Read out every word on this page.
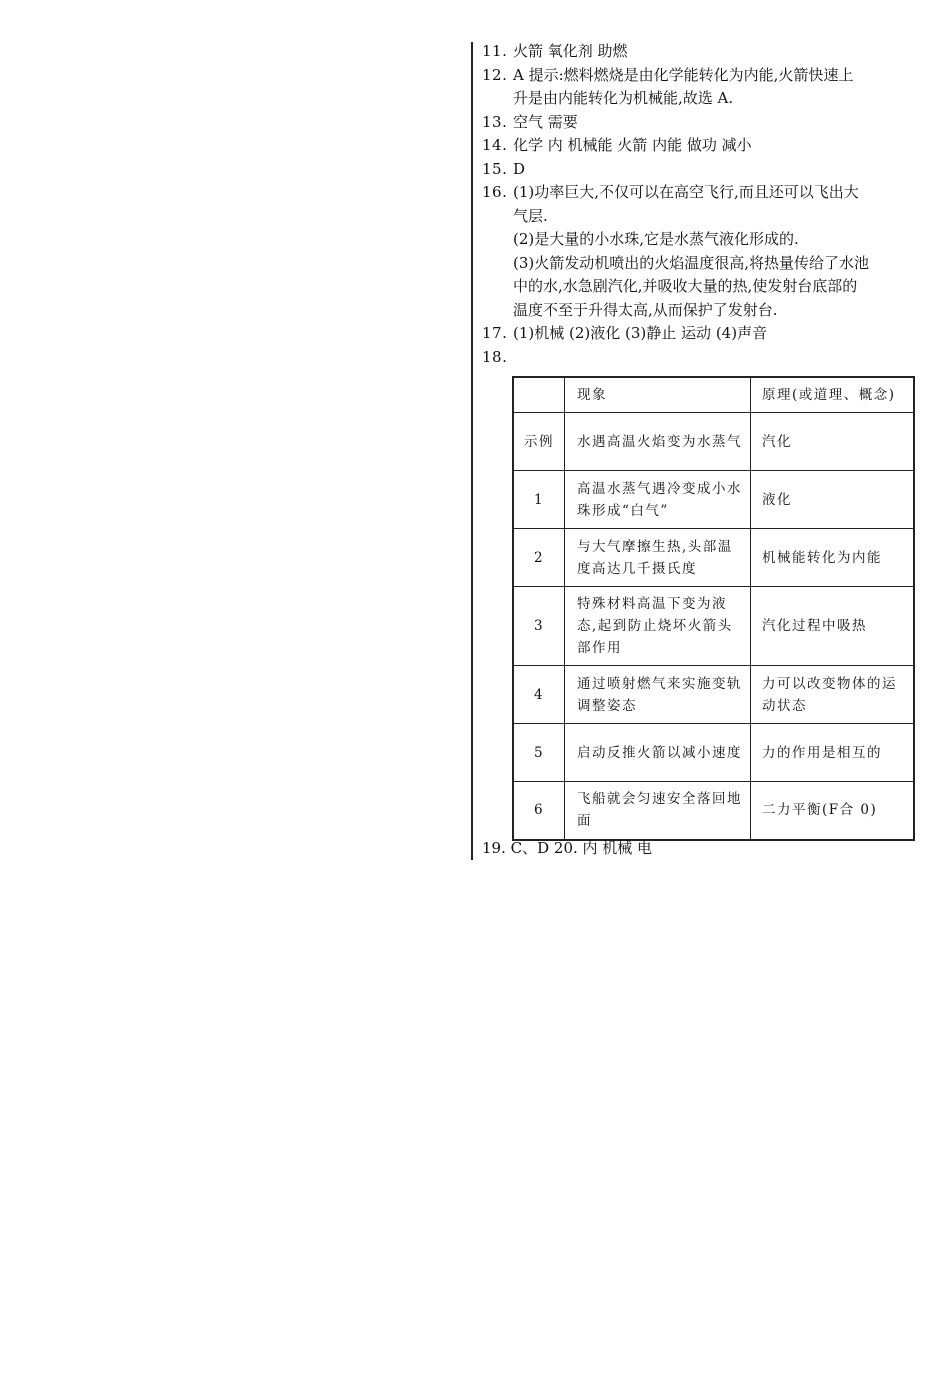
11. 火箭 氧化剂 助燃
12. A 提示:燃料燃烧是由化学能转化为内能,火箭快速上
升是由内能转化为机械能,故选 A.
13. 空气 需要
14. 化学 内 机械能 火箭 内能 做功 减小
15. D
16. (1)功率巨大,不仅可以在高空飞行,而且还可以飞出大
气层.
(2)是大量的小水珠,它是水蒸气液化形成的.
(3)火箭发动机喷出的火焰温度很高,将热量传给了水池
中的水,水急剧汽化,并吸收大量的热,使发射台底部的
温度不至于升得太高,从而保护了发射台.
17. (1)机械 (2)液化 (3)静止 运动 (4)声音
18.
	现象	原理(或道理、概念)
示例	水遇高温火焰变为水蒸气	汽化
1	高温水蒸气遇冷变成小水珠形成“白气”	液化
2	与大气摩擦生热,头部温度高达几千摄氏度	机械能转化为内能
3	特殊材料高温下变为液态,起到防止烧坏火箭头部作用	汽化过程中吸热
4	通过喷射燃气来实施变轨调整姿态	力可以改变物体的运动状态
5	启动反推火箭以减小速度	力的作用是相互的
6	飞船就会匀速安全落回地面	二力平衡(F合 0)
19. C、D 20. 内 机械 电
